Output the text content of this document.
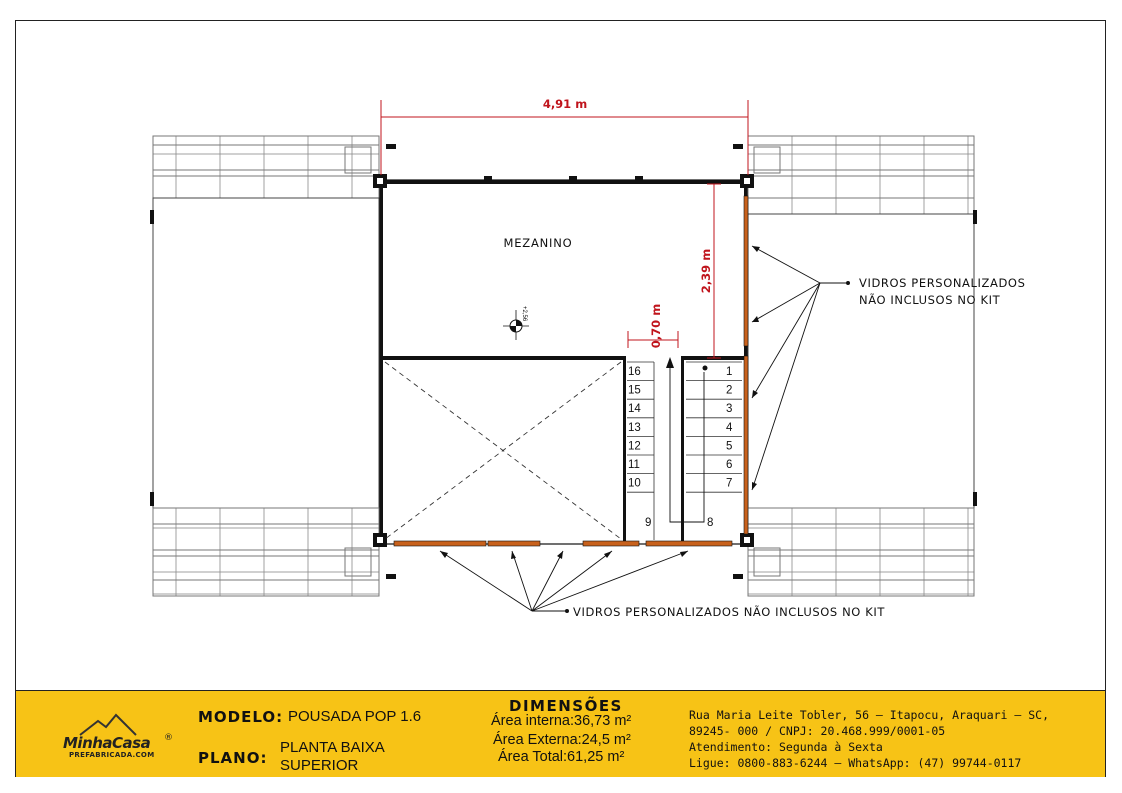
1
2
3
4
5
6
7
16
15
14
13
12
11
10
9	8
+2,56
MEZANINO
4,91 m
2,39 m
0,70 m
VIDROS PERSONALIZADOS
NÃO INCLUSOS NO KIT
VIDROS PERSONALIZADOS NÃO INCLUSOS NO KIT
MinhaCasa ®
PREFABRICADA.COM
MODELO: POUSADA POP 1.6
PLANO:
PLANTA BAIXA
SUPERIOR
DIMENSÕES
Área interna:36,73 m²
Área Externa:24,5 m²
Área Total:61,25 m²
Rua Maria Leite Tobler, 56 – Itapocu, Araquari – SC,
89245- 000 / CNPJ: 20.468.999/0001-05
Atendimento: Segunda à Sexta
Ligue: 0800-883-6244 – WhatsApp: (47) 99744-0117
